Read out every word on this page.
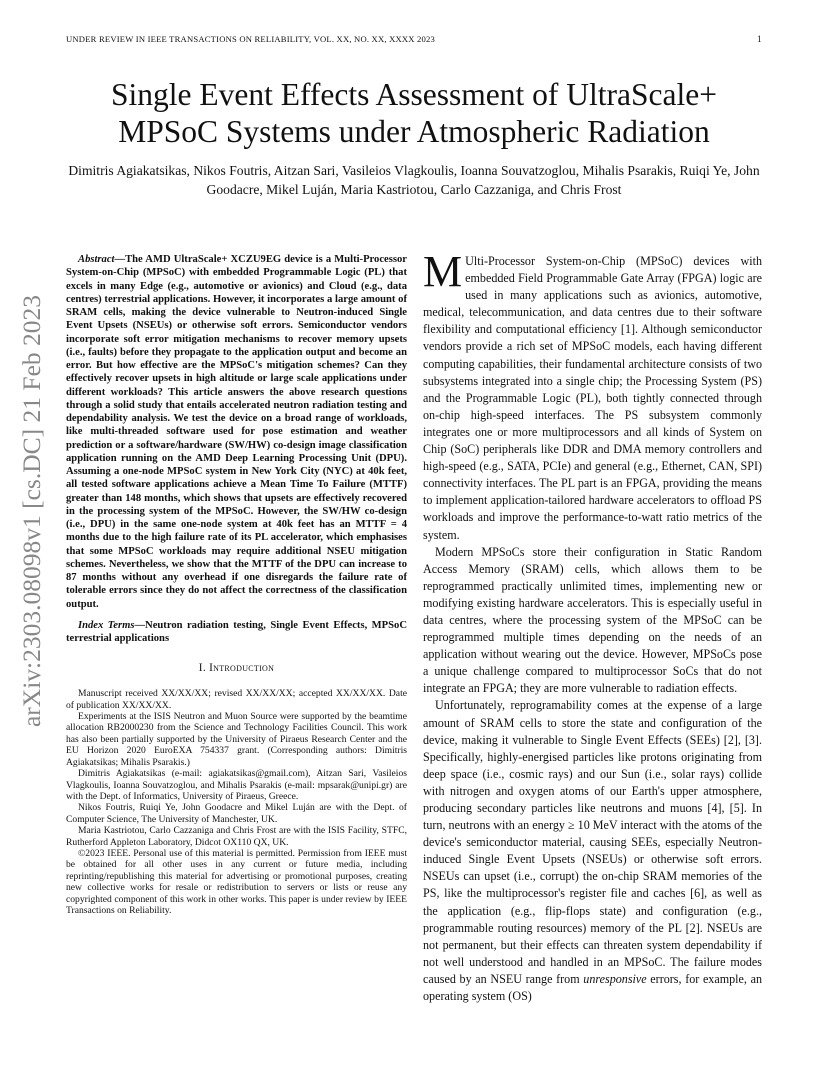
UNDER REVIEW IN IEEE TRANSACTIONS ON RELIABILITY, VOL. XX, NO. XX, XXXX 2023	1
Single Event Effects Assessment of UltraScale+ MPSoC Systems under Atmospheric Radiation
Dimitris Agiakatsikas, Nikos Foutris, Aitzan Sari, Vasileios Vlagkoulis, Ioanna Souvatzoglou, Mihalis Psarakis, Ruiqi Ye, John Goodacre, Mikel Luján, Maria Kastriotou, Carlo Cazzaniga, and Chris Frost
arXiv:2303.08098v1 [cs.DC] 21 Feb 2023

Abstract—The AMD UltraScale+ XCZU9EG device is a Multi-Processor System-on-Chip (MPSoC) with embedded Programmable Logic (PL) that excels in many Edge (e.g., automotive or avionics) and Cloud (e.g., data centres) terrestrial applications. However, it incorporates a large amount of SRAM cells, making the device vulnerable to Neutron-induced Single Event Upsets (NSEUs) or otherwise soft errors. Semiconductor vendors incorporate soft error mitigation mechanisms to recover memory upsets (i.e., faults) before they propagate to the application output and become an error. But how effective are the MPSoC's mitigation schemes? Can they effectively recover upsets in high altitude or large scale applications under different workloads? This article answers the above research questions through a solid study that entails accelerated neutron radiation testing and dependability analysis. We test the device on a broad range of workloads, like multi-threaded software used for pose estimation and weather prediction or a software/hardware (SW/HW) co-design image classification application running on the AMD Deep Learning Processing Unit (DPU). Assuming a one-node MPSoC system in New York City (NYC) at 40k feet, all tested software applications achieve a Mean Time To Failure (MTTF) greater than 148 months, which shows that upsets are effectively recovered in the processing system of the MPSoC. However, the SW/HW co-design (i.e., DPU) in the same one-node system at 40k feet has an MTTF = 4 months due to the high failure rate of its PL accelerator, which emphasises that some MPSoC workloads may require additional NSEU mitigation schemes. Nevertheless, we show that the MTTF of the DPU can increase to 87 months without any overhead if one disregards the failure rate of tolerable errors since they do not affect the correctness of the classification output.

Index Terms—Neutron radiation testing, Single Event Effects, MPSoC terrestrial applications

I. Introduction

Manuscript received XX/XX/XX; revised XX/XX/XX; accepted XX/XX/XX. Date of publication XX/XX/XX.

Experiments at the ISIS Neutron and Muon Source were supported by the beamtime allocation RB2000230 from the Science and Technology Facilities Council. This work has also been partially supported by the University of Piraeus Research Center and the EU Horizon 2020 EuroEXA 754337 grant. (Corresponding authors: Dimitris Agiakatsikas; Mihalis Psarakis.)

Dimitris Agiakatsikas (e-mail: agiakatsikas@gmail.com), Aitzan Sari, Vasileios Vlagkoulis, Ioanna Souvatzoglou, and Mihalis Psarakis (e-mail: mpsarak@unipi.gr) are with the Dept. of Informatics, University of Piraeus, Greece.

Nikos Foutris, Ruiqi Ye, John Goodacre and Mikel Luján are with the Dept. of Computer Science, The University of Manchester, UK.

Maria Kastriotou, Carlo Cazzaniga and Chris Frost are with the ISIS Facility, STFC, Rutherford Appleton Laboratory, Didcot OX110 QX, UK.

©2023 IEEE. Personal use of this material is permitted. Permission from IEEE must be obtained for all other uses in any current or future media, including reprinting/republishing this material for advertising or promotional purposes, creating new collective works for resale or redistribution to servers or lists or reuse any copyrighted component of this work in other works. This paper is under review by IEEE Transactions on Reliability.

M Ulti-Processor System-on-Chip (MPSoC) devices with embedded Field Programmable Gate Array (FPGA) logic are used in many applications such as avionics, automotive, medical, telecommunication, and data centres due to their software flexibility and computational efficiency [1]. Although semiconductor vendors provide a rich set of MPSoC models, each having different computing capabilities, their fundamental architecture consists of two subsystems integrated into a single chip; the Processing System (PS) and the Programmable Logic (PL), both tightly connected through on-chip high-speed interfaces. The PS subsystem commonly integrates one or more multiprocessors and all kinds of System on Chip (SoC) peripherals like DDR and DMA memory controllers and high-speed (e.g., SATA, PCIe) and general (e.g., Ethernet, CAN, SPI) connectivity interfaces. The PL part is an FPGA, providing the means to implement application-tailored hardware accelerators to offload PS workloads and improve the performance-to-watt ratio metrics of the system.

Modern MPSoCs store their configuration in Static Random Access Memory (SRAM) cells, which allows them to be reprogrammed practically unlimited times, implementing new or modifying existing hardware accelerators. This is especially useful in data centres, where the processing system of the MPSoC can be reprogrammed multiple times depending on the needs of an application without wearing out the device. However, MPSoCs pose a unique challenge compared to multiprocessor SoCs that do not integrate an FPGA; they are more vulnerable to radiation effects.

Unfortunately, reprogramability comes at the expense of a large amount of SRAM cells to store the state and configuration of the device, making it vulnerable to Single Event Effects (SEEs) [2], [3]. Specifically, highly-energised particles like protons originating from deep space (i.e., cosmic rays) and our Sun (i.e., solar rays) collide with nitrogen and oxygen atoms of our Earth's upper atmosphere, producing secondary particles like neutrons and muons [4], [5]. In turn, neutrons with an energy ≥ 10 MeV interact with the atoms of the device's semiconductor material, causing SEEs, especially Neutron-induced Single Event Upsets (NSEUs) or otherwise soft errors. NSEUs can upset (i.e., corrupt) the on-chip SRAM memories of the PS, like the multiprocessor's register file and caches [6], as well as the application (e.g., flip-flops state) and configuration (e.g., programmable routing resources) memory of the PL [2]. NSEUs are not permanent, but their effects can threaten system dependability if not well understood and handled in an MPSoC. The failure modes caused by an NSEU range from unresponsive errors, for example, an operating system (OS)
